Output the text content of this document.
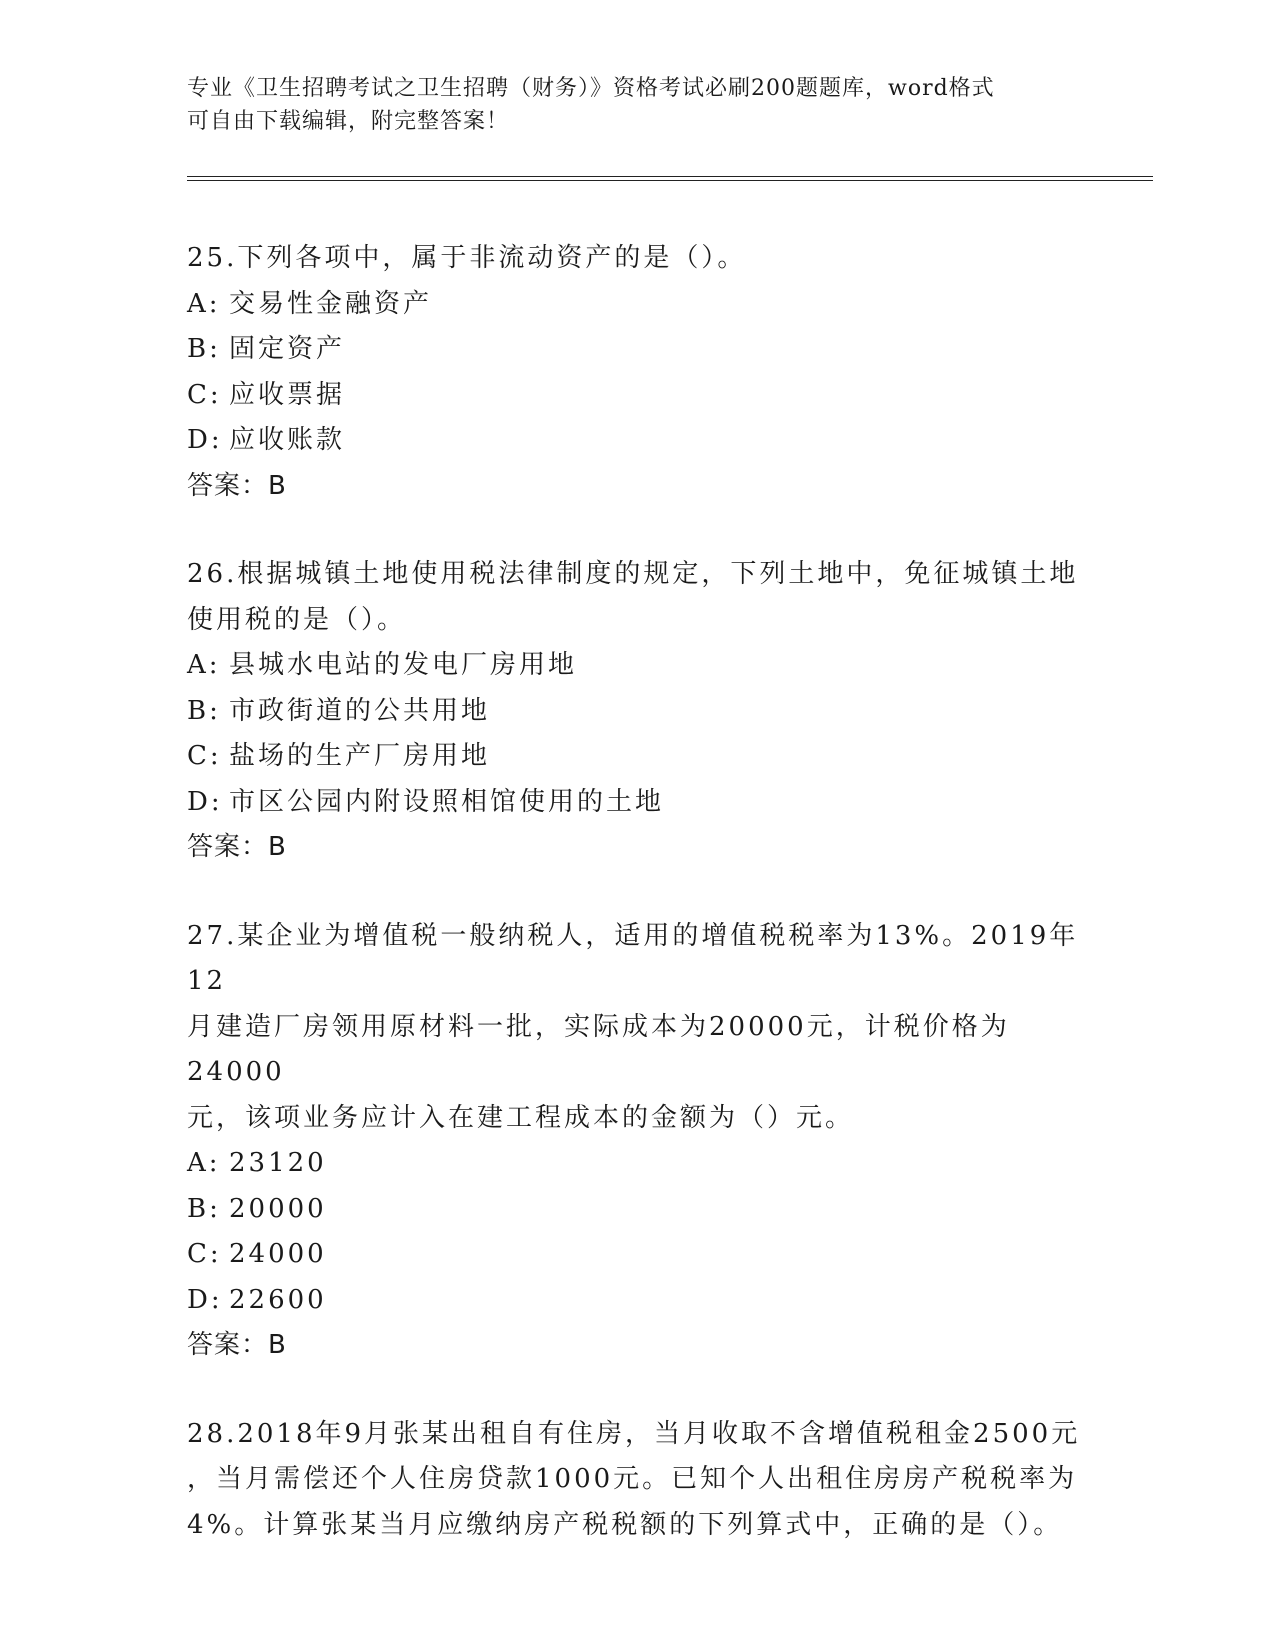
专业《卫生招聘考试之卫生招聘（财务）》资格考试必刷200题题库，word格式
可自由下载编辑，附完整答案！

25.下列各项中，属于非流动资产的是（）。

A: 交易性金融资产

B: 固定资产

C: 应收票据

D: 应收账款

答案：B

26.根据城镇土地使用税法律制度的规定，下列土地中，免征城镇土地

使用税的是（）。

A: 县城水电站的发电厂房用地

B: 市政街道的公共用地

C: 盐场的生产厂房用地

D: 市区公园内附设照相馆使用的土地

答案：B

27.某企业为增值税一般纳税人，适用的增值税税率为13%。2019年12

月建造厂房领用原材料一批，实际成本为20000元，计税价格为24000

元，该项业务应计入在建工程成本的金额为（）元。

A: 23120

B: 20000

C: 24000

D: 22600

答案：B

28.2018年9月张某出租自有住房，当月收取不含增值税租金2500元

，当月需偿还个人住房贷款1000元。已知个人出租住房房产税税率为

4%。计算张某当月应缴纳房产税税额的下列算式中，正确的是（）。
